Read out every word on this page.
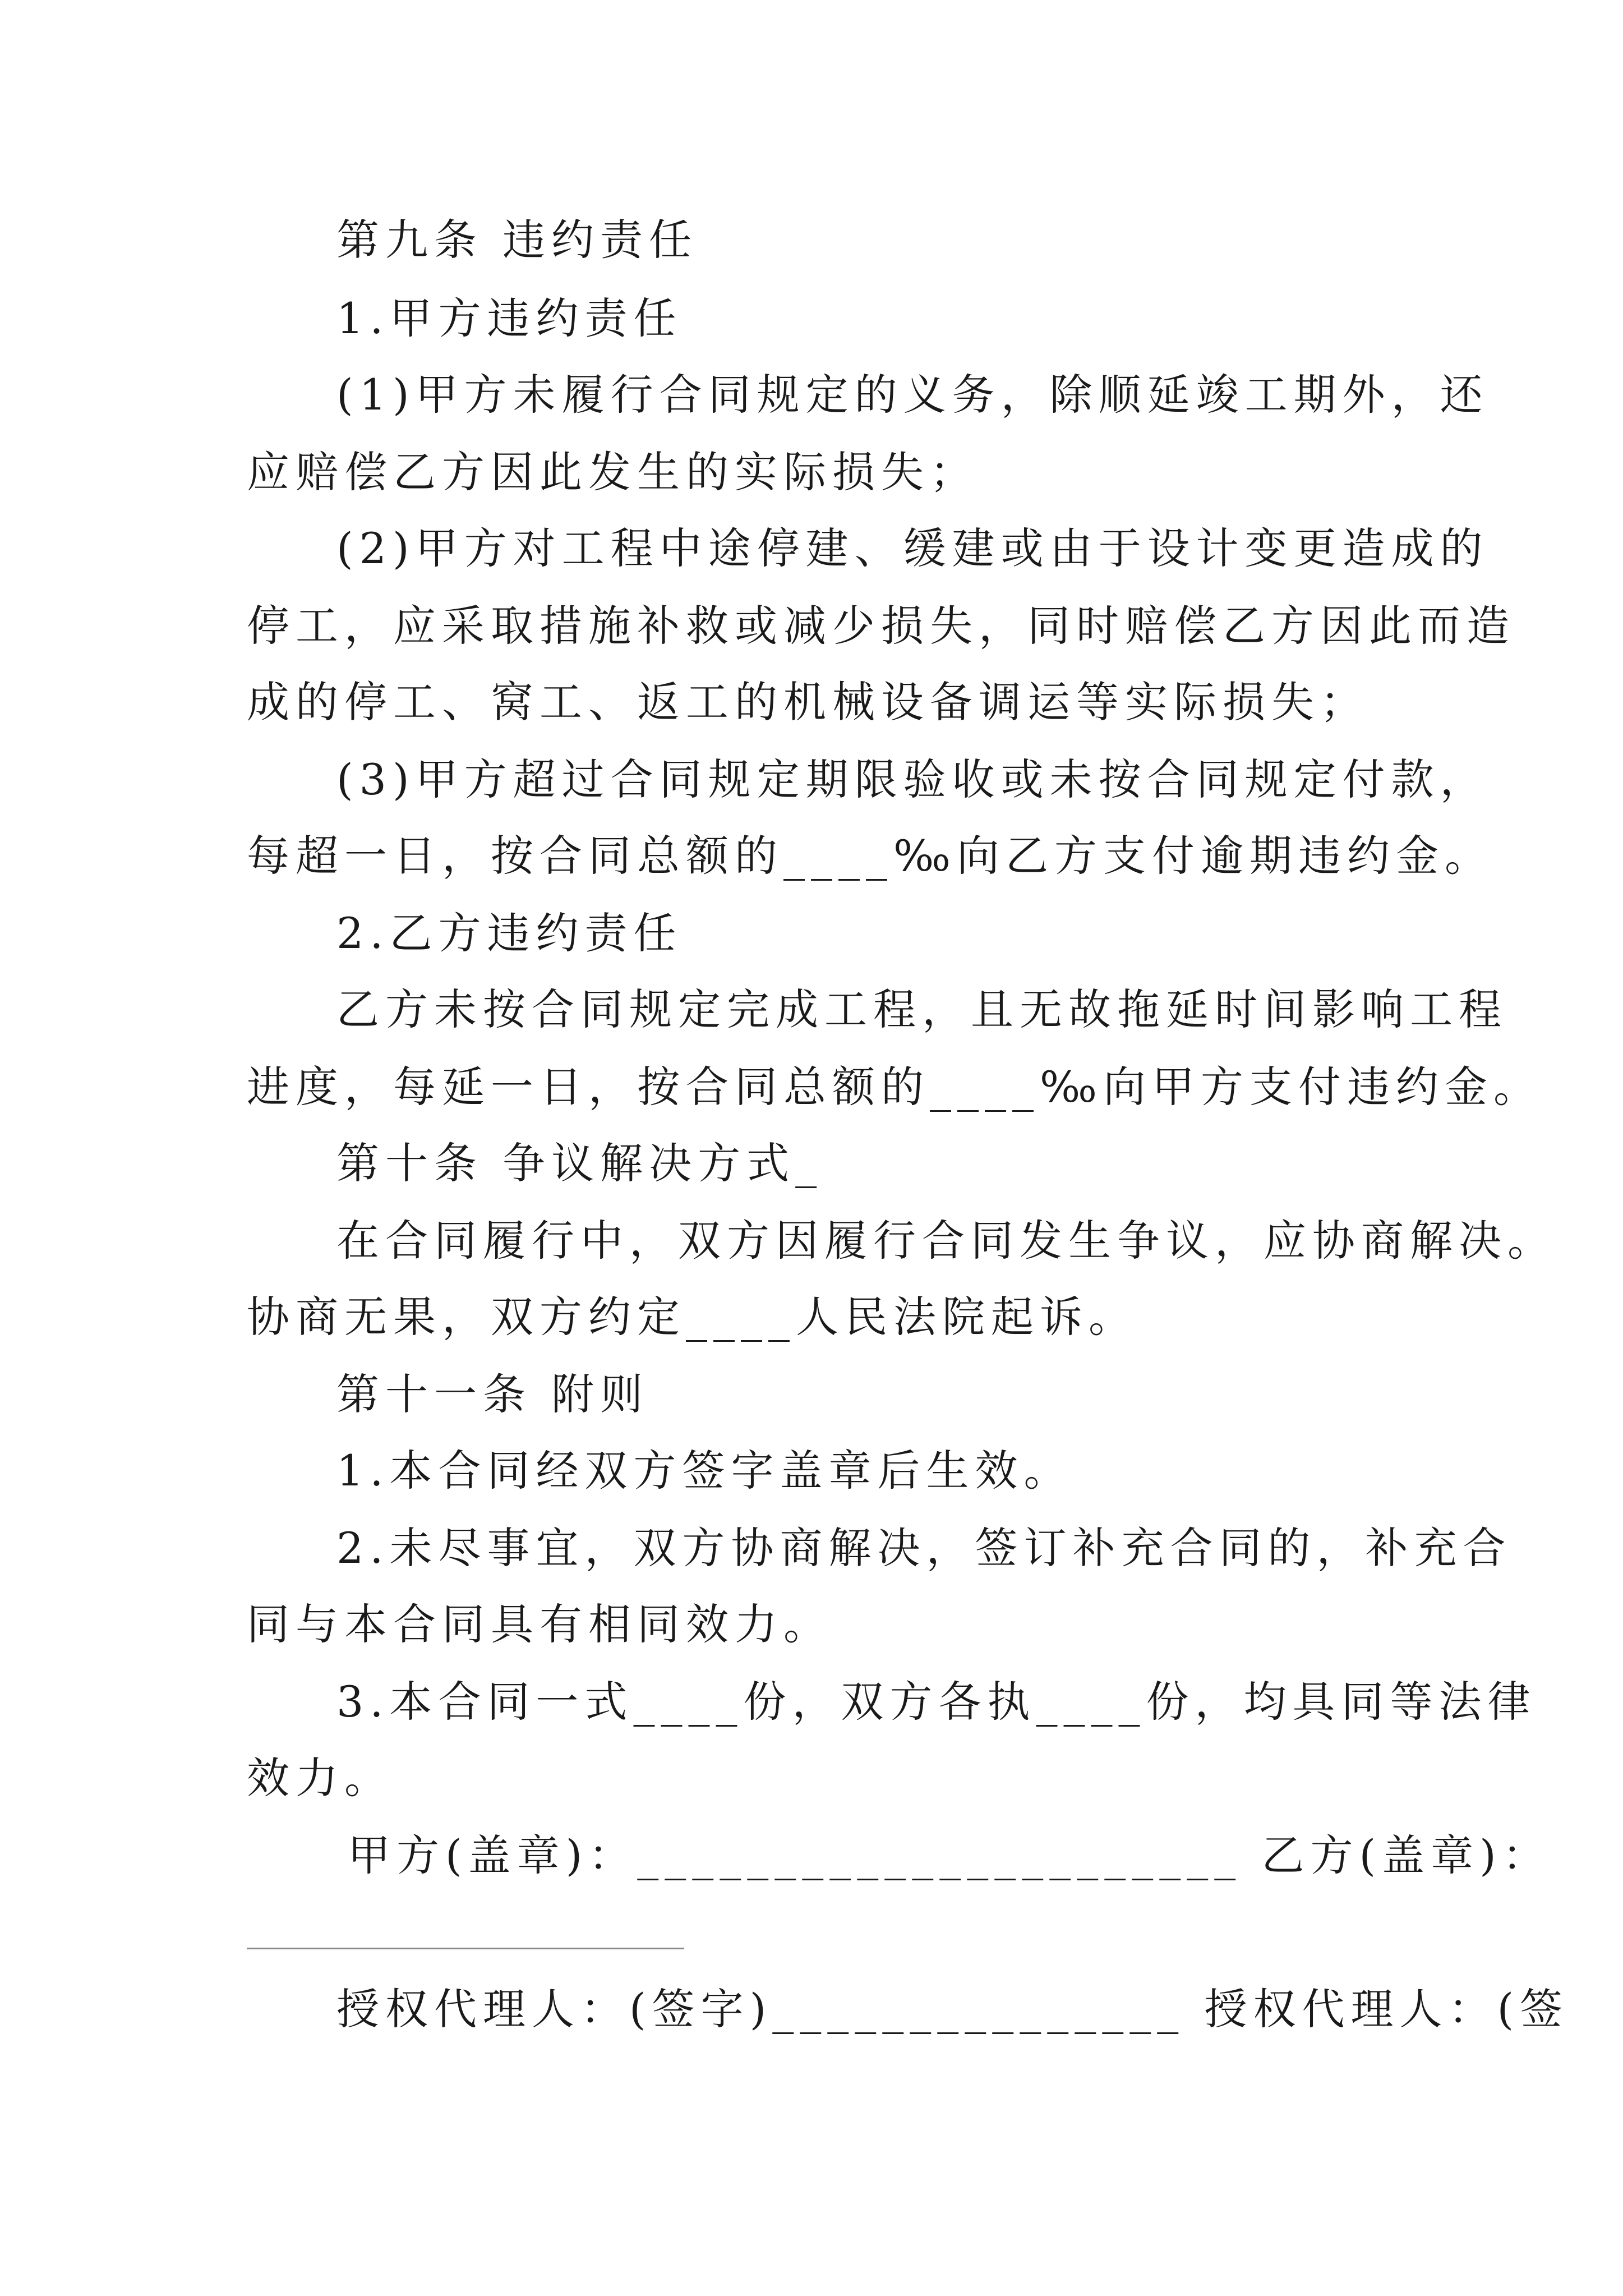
第九条 违约责任
1.甲方违约责任
(1)甲方未履行合同规定的义务，除顺延竣工期外，还
应赔偿乙方因此发生的实际损失；
(2)甲方对工程中途停建、缓建或由于设计变更造成的
停工，应采取措施补救或减少损失，同时赔偿乙方因此而造
成的停工、窝工、返工的机械设备调运等实际损失；
(3)甲方超过合同规定期限验收或未按合同规定付款，
每超一日，按合同总额的____‰向乙方支付逾期违约金。
2.乙方违约责任
乙方未按合同规定完成工程，且无故拖延时间影响工程
进度，每延一日，按合同总额的____‰向甲方支付违约金。
第十条 争议解决方式_
在合同履行中，双方因履行合同发生争议，应协商解决。
协商无果，双方约定____人民法院起诉。
第十一条 附则
1.本合同经双方签字盖章后生效。
2.未尽事宜，双方协商解决，签订补充合同的，补充合
同与本合同具有相同效力。
3.本合同一式____份，双方各执____份，均具同等法律
效力。
甲方(盖章)：______________________ 乙方(盖章)：
授权代理人：(签字)_______________ 授权代理人：(签
